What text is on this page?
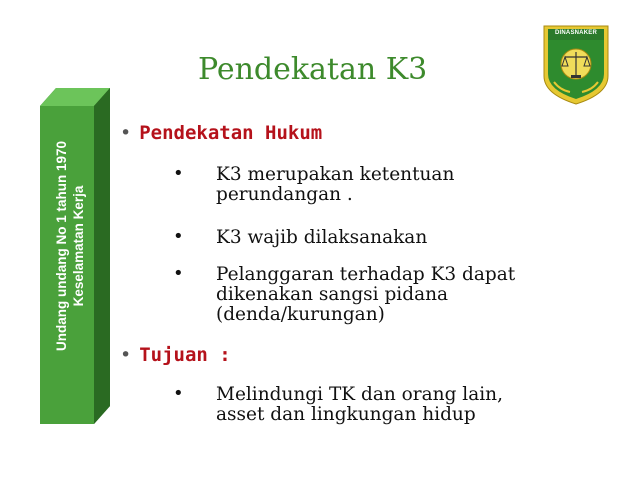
Undang undang No 1 tahun 1970 Keselamatan Kerja
DINASNAKER
Pendekatan K3
• Pendekatan Hukum
• K3 merupakan ketentuan
perundangan .
• K3 wajib dilaksanakan
• Pelanggaran terhadap K3 dapat
dikenakan sangsi pidana
(denda/kurungan)
• Tujuan :
• Melindungi TK dan orang lain,
asset dan lingkungan hidup
